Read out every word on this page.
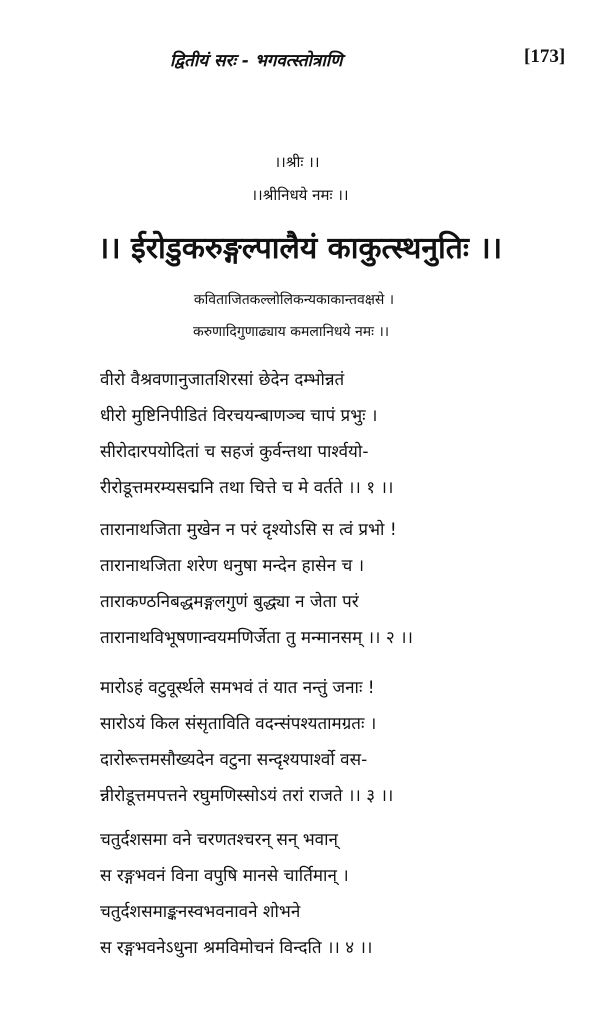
द्वितीयं सरः - भगवत्स्तोत्राणि	[173]
।।श्रीः ।।
।।श्रीनिधये नमः ।।
।। ईरोडुकरुङ्गल्पालैयं काकुत्स्थनुतिः ।।
कविताजितकल्लोलिकन्यकाकान्तवक्षसे ।
करुणादिगुणाढ्याय कमलानिधये नमः ।।
वीरो वैश्रवणानुजातशिरसां छेदेन दम्भोन्नतं
धीरो मुष्टिनिपीडितं विरचयन्बाणञ्च चापं प्रभुः ।
सीरोदारपयोदितां च सहजं कुर्वन्तथा पार्श्वयो-
रीरोडूत्तमरम्यसद्मनि तथा चित्ते च मे वर्तते ।। १ ।।
तारानाथजिता मुखेन न परं दृश्योऽसि स त्वं प्रभो !
तारानाथजिता शरेण धनुषा मन्देन हासेन च ।
ताराकण्ठनिबद्धमङ्गलगुणं बुद्ध्या न जेता परं
तारानाथविभूषणान्वयमणिर्जेता तु मन्मानसम् ।। २ ।।
मारोऽहं वटुवूर्स्थले समभवं तं यात नन्तुं जनाः !
सारोऽयं किल संसृताविति वदन्संपश्यतामग्रतः ।
दारोरूत्तमसौख्यदेन वटुना सन्दृश्यपार्श्वो वस-
न्नीरोडूत्तमपत्तने रघुमणिस्सोऽयं तरां राजते ।। ३ ।।
चतुर्दशसमा वने चरणतश्चरन् सन् भवान्
स रङ्गभवनं विना वपुषि मानसे चार्तिमान् ।
चतुर्दशसमाङ्कनस्वभवनावने शोभने
स रङ्गभवनेऽधुना श्रमविमोचनं विन्दति ।। ४ ।।
